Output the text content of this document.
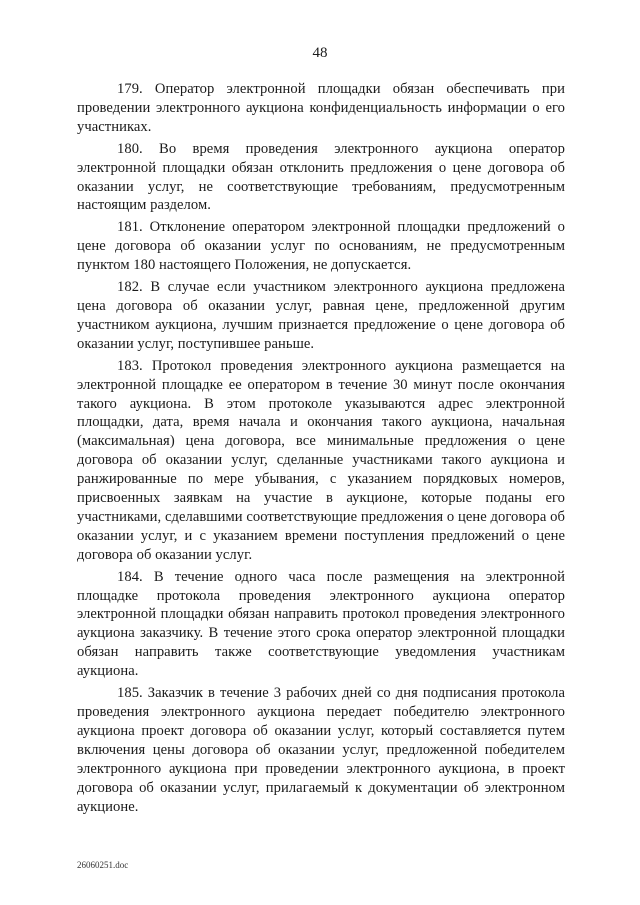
48

179. Оператор электронной площадки обязан обеспечивать при проведении электронного аукциона конфиденциальность информации о его участниках.

180. Во время проведения электронного аукциона оператор электронной площадки обязан отклонить предложения о цене договора об оказании услуг, не соответствующие требованиям, предусмотренным настоящим разделом.

181. Отклонение оператором электронной площадки предложений о цене договора об оказании услуг по основаниям, не предусмотренным пунктом 180 настоящего Положения, не допускается.

182. В случае если участником электронного аукциона предложена цена договора об оказании услуг, равная цене, предложенной другим участником аукциона, лучшим признается предложение о цене договора об оказании услуг, поступившее раньше.

183. Протокол проведения электронного аукциона размещается на электронной площадке ее оператором в течение 30 минут после окончания такого аукциона. В этом протоколе указываются адрес электронной площадки, дата, время начала и окончания такого аукциона, начальная (максимальная) цена договора, все минимальные предложения о цене договора об оказании услуг, сделанные участниками такого аукциона и ранжированные по мере убывания, с указанием порядковых номеров, присвоенных заявкам на участие в аукционе, которые поданы его участниками, сделавшими соответствующие предложения о цене договора об оказании услуг, и с указанием времени поступления предложений о цене договора об оказании услуг.

184. В течение одного часа после размещения на электронной площадке протокола проведения электронного аукциона оператор электронной площадки обязан направить протокол проведения электронного аукциона заказчику. В течение этого срока оператор электронной площадки обязан направить также соответствующие уведомления участникам аукциона.

185. Заказчик в течение 3 рабочих дней со дня подписания протокола проведения электронного аукциона передает победителю электронного аукциона проект договора об оказании услуг, который составляется путем включения цены договора об оказании услуг, предложенной победителем электронного аукциона при проведении электронного аукциона, в проект договора об оказании услуг, прилагаемый к документации об электронном аукционе.

26060251.doc
